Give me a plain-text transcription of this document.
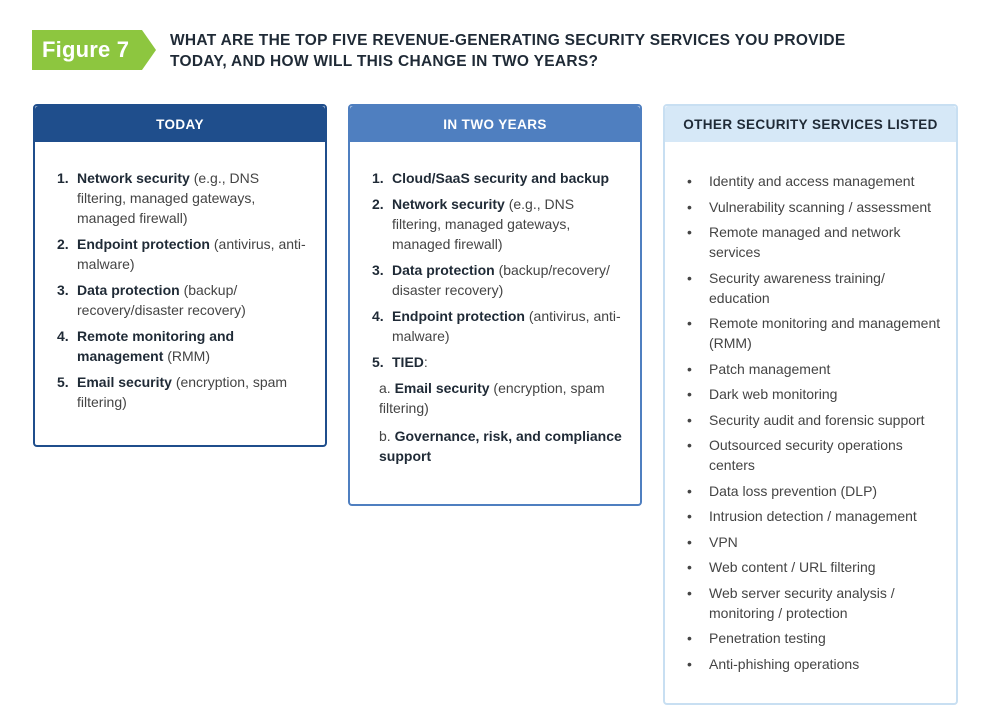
Figure 7	WHAT ARE THE TOP FIVE REVENUE-GENERATING SECURITY SERVICES YOU PROVIDE
TODAY, AND HOW WILL THIS CHANGE IN TWO YEARS?
TODAY
1. Network security (e.g., DNS filtering, managed gateways, managed firewall)
2. Endpoint protection (antivirus, anti-malware)
3. Data protection (backup/ recovery/disaster recovery)
4. Remote monitoring and management (RMM)
5. Email security (encryption, spam filtering)
IN TWO YEARS
1. Cloud/SaaS security and backup
2. Network security (e.g., DNS filtering, managed gateways, managed firewall)
3. Data protection (backup/recovery/ disaster recovery)
4. Endpoint protection (antivirus, anti-malware)
5. TIED:
a. Email security (encryption, spam filtering)
b. Governance, risk, and compliance support
OTHER SECURITY SERVICES LISTED
•	Identity and access management
•	Vulnerability scanning / assessment
•	Remote managed and network services
•	Security awareness training/ education
•	Remote monitoring and management (RMM)
•	Patch management
•	Dark web monitoring
•	Security audit and forensic support
•	Outsourced security operations centers
•	Data loss prevention (DLP)
•	Intrusion detection / management
•	VPN
•	Web content / URL filtering
•	Web server security analysis / monitoring / protection
•	Penetration testing
•	Anti-phishing operations
